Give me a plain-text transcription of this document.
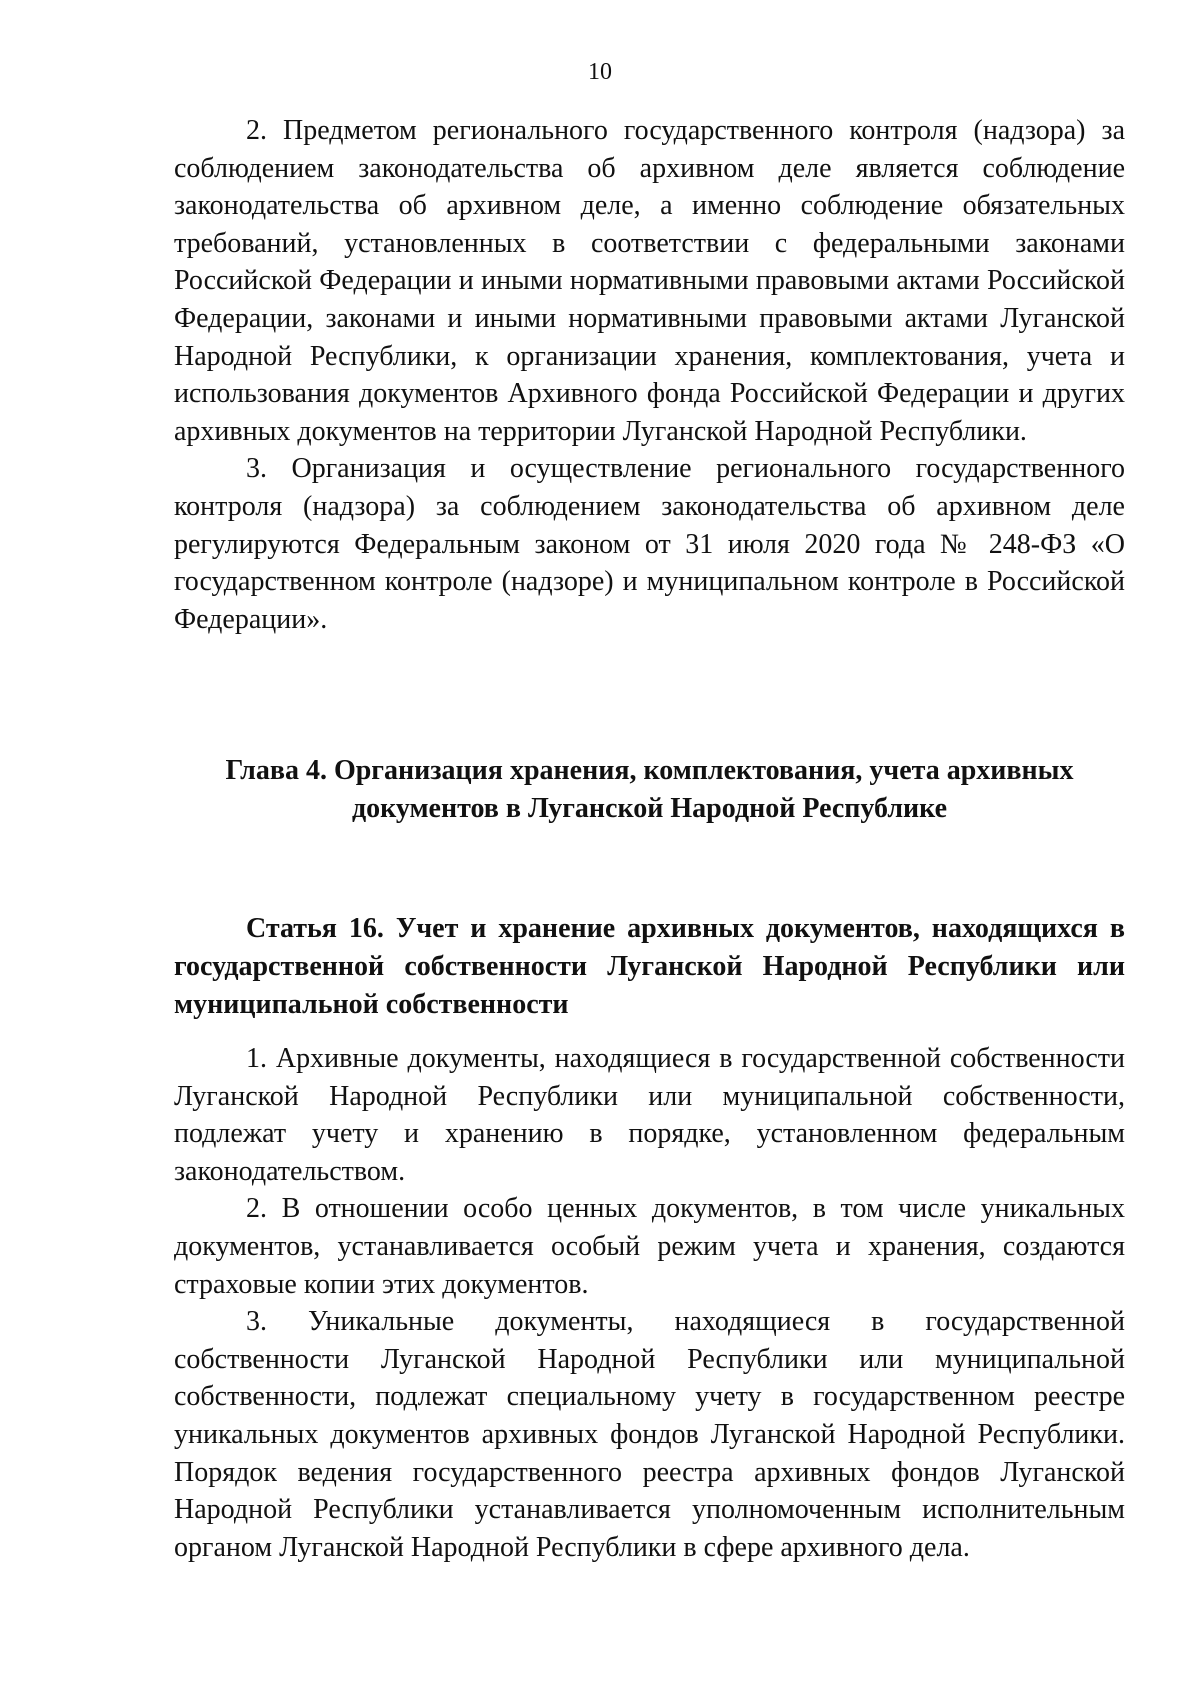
10

2. Предметом регионального государственного контроля (надзора) за соблюдением законодательства об архивном деле является соблюдение законодательства об архивном деле, а именно соблюдение обязательных требований, установленных в соответствии с федеральными законами Российской Федерации и иными нормативными правовыми актами Российской Федерации, законами и иными нормативными правовыми актами Луганской Народной Республики, к организации хранения, комплектования, учета и использования документов Архивного фонда Российской Федерации и других архивных документов на территории Луганской Народной Республики.

3. Организация и осуществление регионального государственного контроля (надзора) за соблюдением законодательства об архивном деле регулируются Федеральным законом от 31 июля 2020 года № 248-ФЗ «О государственном контроле (надзоре) и муниципальном контроле в Российской Федерации».

Глава 4. Организация хранения, комплектования, учета архивных
документов в Луганской Народной Республике
Статья 16. Учет и хранение архивных документов, находящихся в государственной собственности Луганской Народной Республики или муниципальной собственности

1. Архивные документы, находящиеся в государственной собственности Луганской Народной Республики или муниципальной собственности, подлежат учету и хранению в порядке, установленном федеральным законодательством.

2. В отношении особо ценных документов, в том числе уникальных документов, устанавливается особый режим учета и хранения, создаются страховые копии этих документов.

3. Уникальные документы, находящиеся в государственной собственности Луганской Народной Республики или муниципальной собственности, подлежат специальному учету в государственном реестре уникальных документов архивных фондов Луганской Народной Республики. Порядок ведения государственного реестра архивных фондов Луганской Народной Республики устанавливается уполномоченным исполнительным органом Луганской Народной Республики в сфере архивного дела.
